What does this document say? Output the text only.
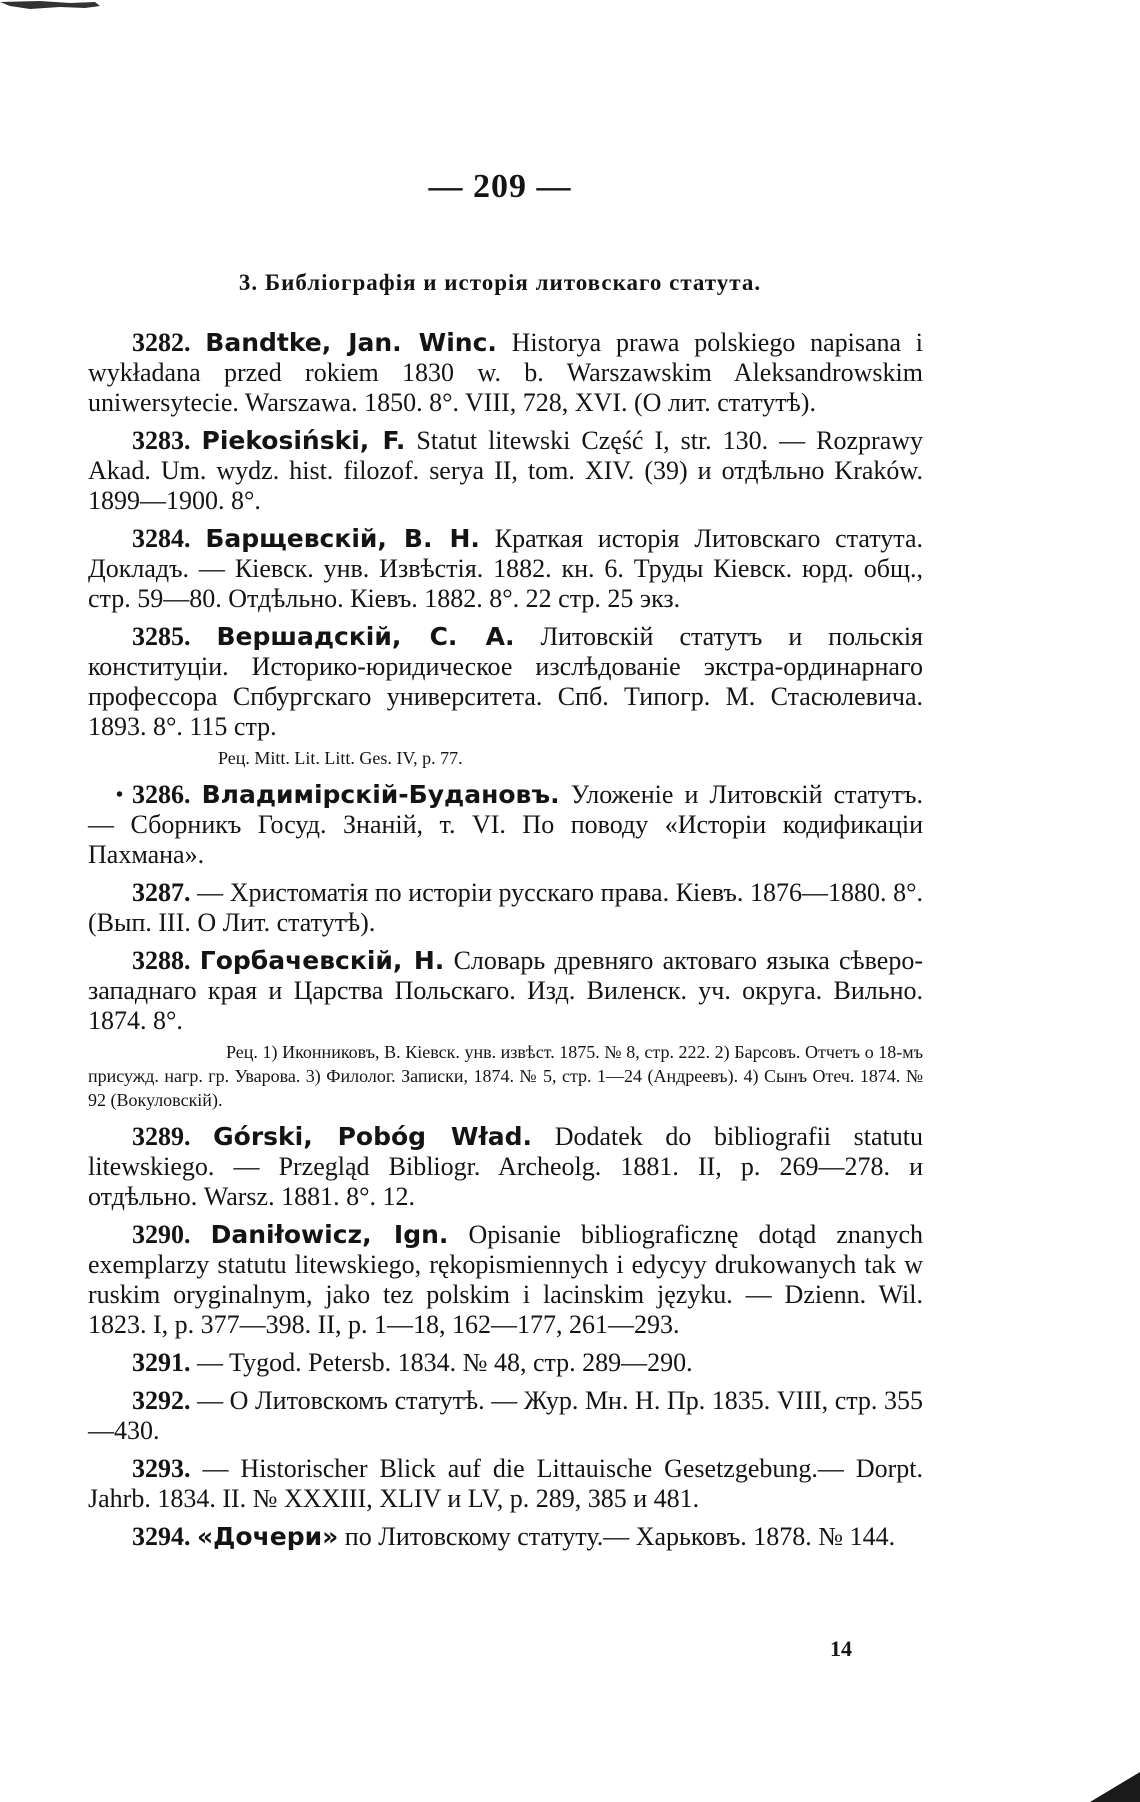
— 209 —
3. Библіографія и исторія литовскаго статута.

3282. Bandtke, Jan. Winc. Historya prawa polskiego napisana i wykładana przed rokiem 1830 w. b. Warszawskim Aleksandrowskim uniwersytecie. Warszawa. 1850. 8°. VIII, 728, XVI. (О лит. статутѣ).

3283. Piekosiński, F. Statut litewski Część I, str. 130. — Rozprawy Akad. Um. wydz. hist. filozof. serya II, tom. XIV. (39) и отдѣльно Kraków. 1899—1900. 8°.

3284. Барщевскій, В. Н. Краткая исторія Литовскаго статута. Докладъ. — Кіевск. унв. Извѣстія. 1882. кн. 6. Труды Кіевск. юрд. общ., стр. 59—80. Отдѣльно. Кіевъ. 1882. 8°. 22 стр. 25 экз.

3285. Вершадскій, С. А. Литовскій статутъ и польскія конституціи. Историко-юридическое изслѣдованіе экстра-ординарнаго профессора Спбургскаго университета. Спб. Типогр. М. Стасюлевича. 1893. 8°. 115 стр.

Рец. Mitt. Lit. Litt. Ges. IV, p. 77.

• 3286. Владимірскій-Будановъ. Уложеніе и Литовскій статутъ. — Сборникъ Госуд. Знаній, т. VI. По поводу «Исторіи кодификаціи Пахмана».

3287. — Христоматія по исторіи русскаго права. Кіевъ. 1876—1880. 8°. (Вып. III. О Лит. статутѣ).

3288. Горбачевскій, Н. Словарь древняго актоваго языка сѣверо-западнаго края и Царства Польскаго. Изд. Виленск. уч. округа. Вильно. 1874. 8°.

Рец. 1) Иконниковъ, В. Кіевск. унв. извѣст. 1875. № 8, стр. 222. 2) Барсовъ. Отчетъ о 18-мъ присужд. нагр. гр. Уварова. 3) Филолог. Записки, 1874. № 5, стр. 1—24 (Андреевъ). 4) Сынъ Отеч. 1874. № 92 (Вокуловскій).

3289. Górski, Pobóg Wład. Dodatek do bibliografii statutu litewskiego. — Przegląd Bibliogr. Archeolg. 1881. II, p. 269—278. и отдѣльно. Warsz. 1881. 8°. 12.

3290. Daniłowicz, Ign. Opisanie bibliograficznę dotąd znanych exemplarzy statutu litewskiego, rękopismiennych i edycyy drukowanych tak w ruskim oryginalnym, jako tez polskim i lacinskim języku. — Dzienn. Wil. 1823. I, p. 377—398. II, p. 1—18, 162—177, 261—293.

3291. — Tygod. Petersb. 1834. № 48, стр. 289—290.

3292. — О Литовскомъ статутѣ. — Жур. Мн. Н. Пр. 1835. VIII, стр. 355—430.

3293. — Historischer Blick auf die Littauische Gesetzgebung.— Dorpt. Jahrb. 1834. II. № XXXIII, XLIV и LV, p. 289, 385 и 481.

3294. «Дочери» по Литовскому статуту.— Харьковъ. 1878. № 144.

14
